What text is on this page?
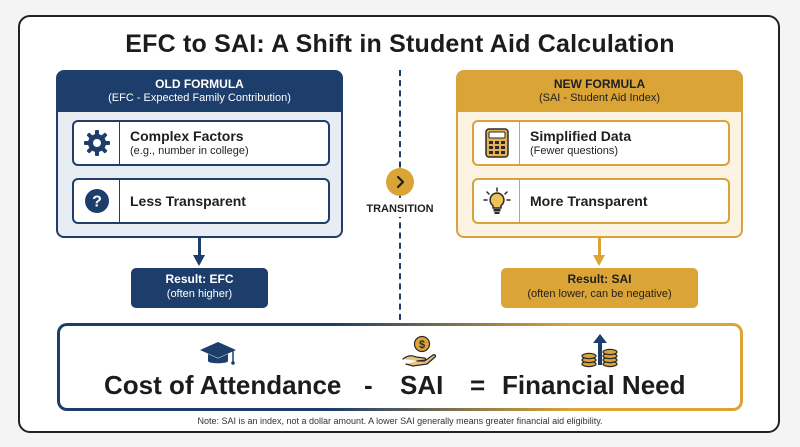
EFC to SAI: A Shift in Student Aid Calculation
OLD FORMULA
(EFC - Expected Family Contribution)
Complex Factors
(e.g., number in college)
? Less Transparent
NEW FORMULA
(SAI - Student Aid Index)
Simplified Data
(Fewer questions)
More Transparent
TRANSITION
Result: EFC
(often higher)
Result: SAI
(often lower, can be negative)
$
Cost of Attendance - SAI = Financial Need
Note: SAI is an index, not a dollar amount. A lower SAI generally means greater financial aid eligibility.
